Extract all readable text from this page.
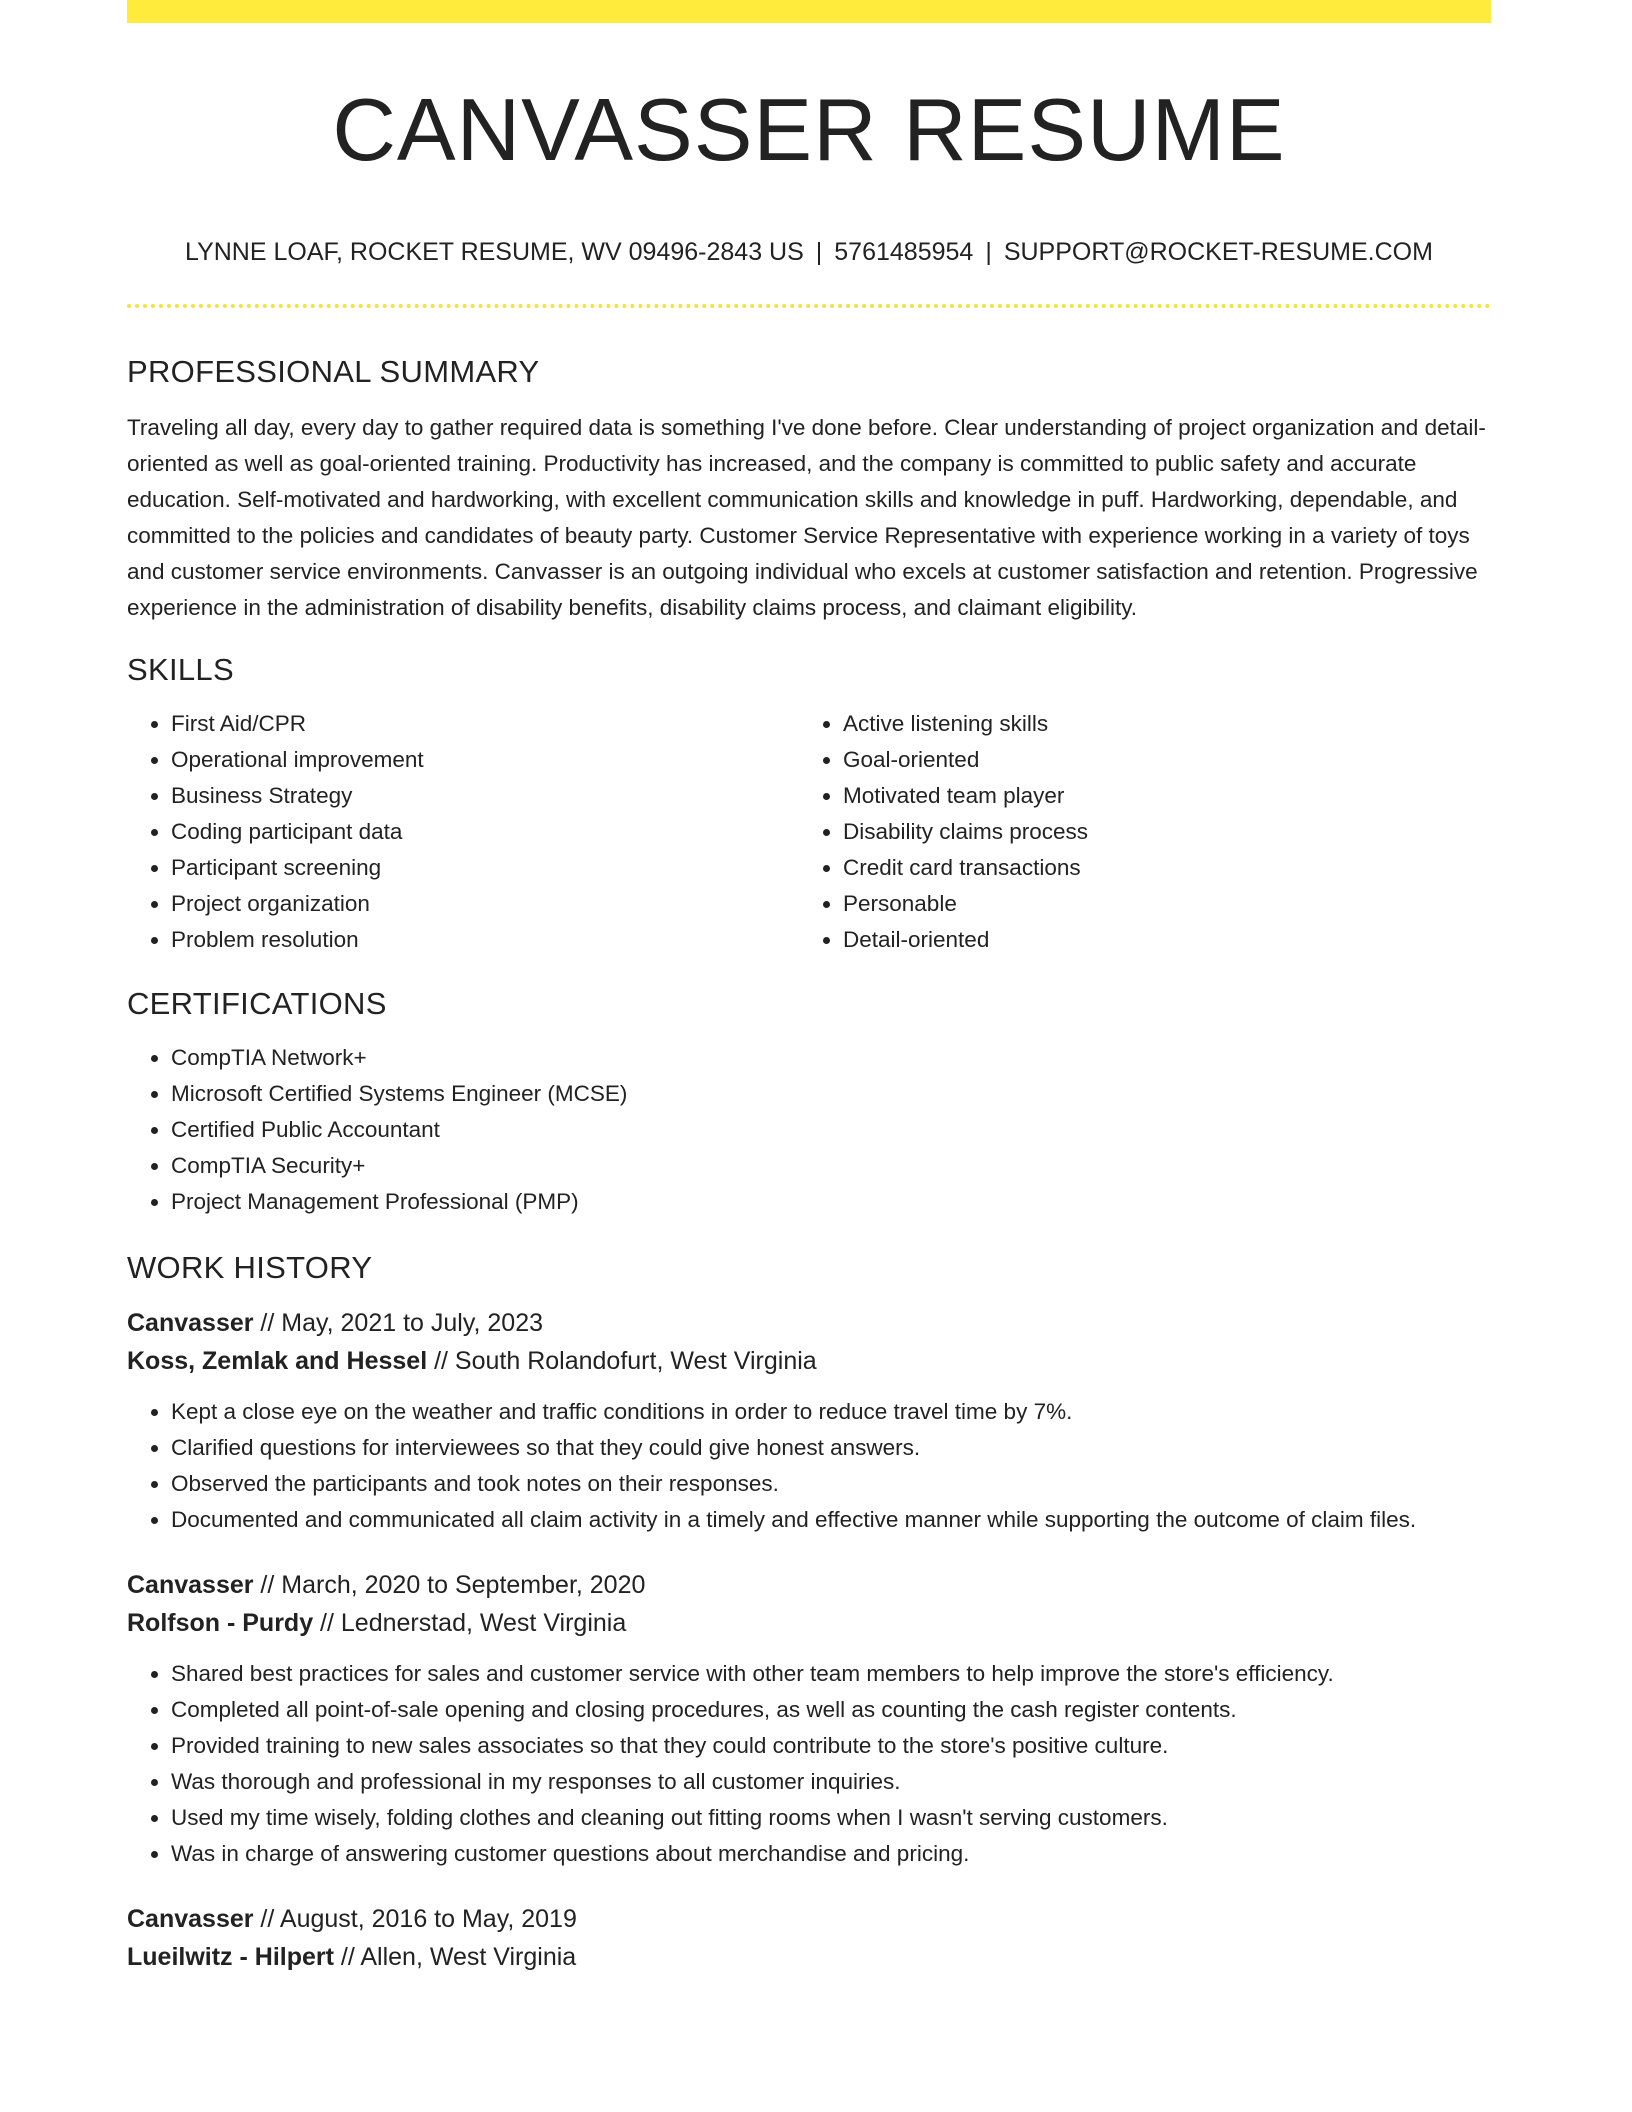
CANVASSER RESUME
LYNNE LOAF, ROCKET RESUME, WV 09496-2843 US | 5761485954 | SUPPORT@ROCKET-RESUME.COM
PROFESSIONAL SUMMARY

Traveling all day, every day to gather required data is something I've done before. Clear understanding of project organization and detail-oriented as well as goal-oriented training. Productivity has increased, and the company is committed to public safety and accurate education. Self-motivated and hardworking, with excellent communication skills and knowledge in puff. Hardworking, dependable, and committed to the policies and candidates of beauty party. Customer Service Representative with experience working in a variety of toys and customer service environments. Canvasser is an outgoing individual who excels at customer satisfaction and retention. Progressive experience in the administration of disability benefits, disability claims process, and claimant eligibility.

SKILLS
• First Aid/CPR
• Operational improvement
• Business Strategy
• Coding participant data
• Participant screening
• Project organization
• Problem resolution
• Active listening skills
• Goal-oriented
• Motivated team player
• Disability claims process
• Credit card transactions
• Personable
• Detail-oriented
CERTIFICATIONS
• CompTIA Network+
• Microsoft Certified Systems Engineer (MCSE)
• Certified Public Accountant
• CompTIA Security+
• Project Management Professional (PMP)
WORK HISTORY
Canvasser // May, 2021 to July, 2023
Koss, Zemlak and Hessel // South Rolandofurt, West Virginia
• Kept a close eye on the weather and traffic conditions in order to reduce travel time by 7%.
• Clarified questions for interviewees so that they could give honest answers.
• Observed the participants and took notes on their responses.
• Documented and communicated all claim activity in a timely and effective manner while supporting the outcome of claim files.
Canvasser // March, 2020 to September, 2020
Rolfson - Purdy // Lednerstad, West Virginia
• Shared best practices for sales and customer service with other team members to help improve the store's efficiency.
• Completed all point-of-sale opening and closing procedures, as well as counting the cash register contents.
• Provided training to new sales associates so that they could contribute to the store's positive culture.
• Was thorough and professional in my responses to all customer inquiries.
• Used my time wisely, folding clothes and cleaning out fitting rooms when I wasn't serving customers.
• Was in charge of answering customer questions about merchandise and pricing.
Canvasser // August, 2016 to May, 2019
Lueilwitz - Hilpert // Allen, West Virginia
